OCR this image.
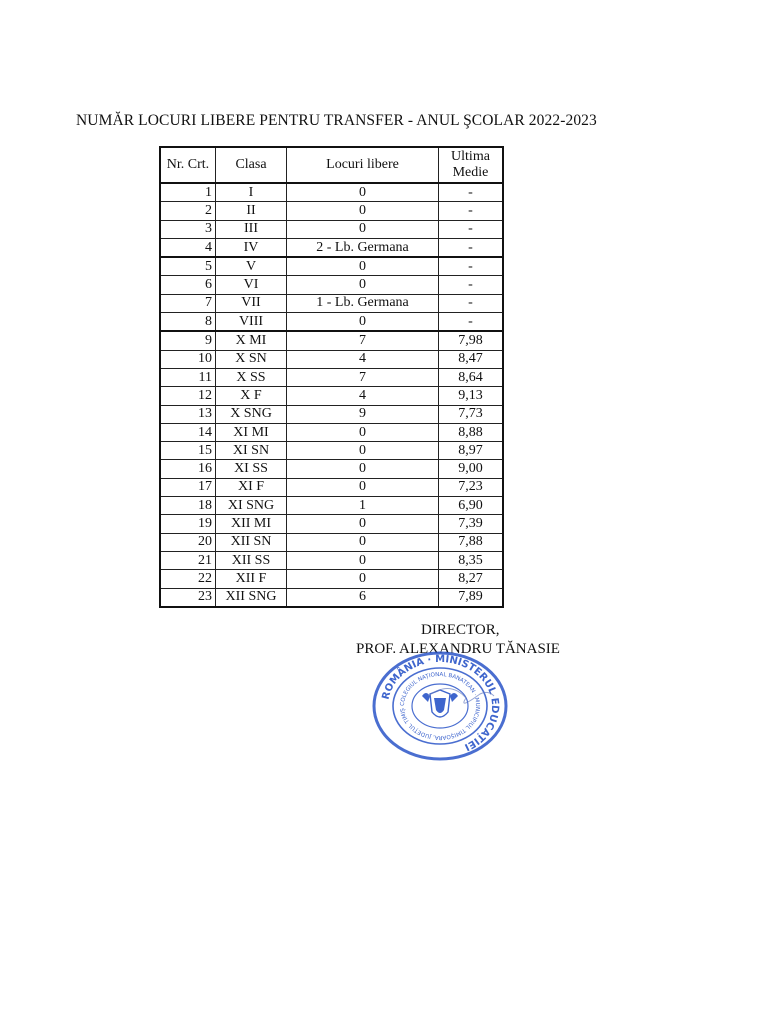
NUMĂR LOCURI LIBERE PENTRU TRANSFER - ANUL ŞCOLAR 2022-2023
Nr. Crt.	Clasa	Locuri libere	Ultima Medie
1	I	0	-
2	II	0	-
3	III	0	-
4	IV	2 - Lb. Germana	-
5	V	0	-
6	VI	0	-
7	VII	1 - Lb. Germana	-
8	VIII	0	-
9	X MI	7	7,98
10	X SN	4	8,47
11	X SS	7	8,64
12	X F	4	9,13
13	X SNG	9	7,73
14	XI MI	0	8,88
15	XI SN	0	8,97
16	XI SS	0	9,00
17	XI F	0	7,23
18	XI SNG	1	6,90
19	XII MI	0	7,39
20	XII SN	0	7,88
21	XII SS	0	8,35
22	XII F	0	8,27
23	XII SNG	6	7,89
DIRECTOR,
PROF. ALEXANDRU TĂNASIE
ROMÂNIA · MINISTERUL EDUCAȚIEI
COLEGIUL NAȚIONAL BANATEAN · MUNICIPIUL TIMIȘOARA, JUDEȚUL TIMIȘ
